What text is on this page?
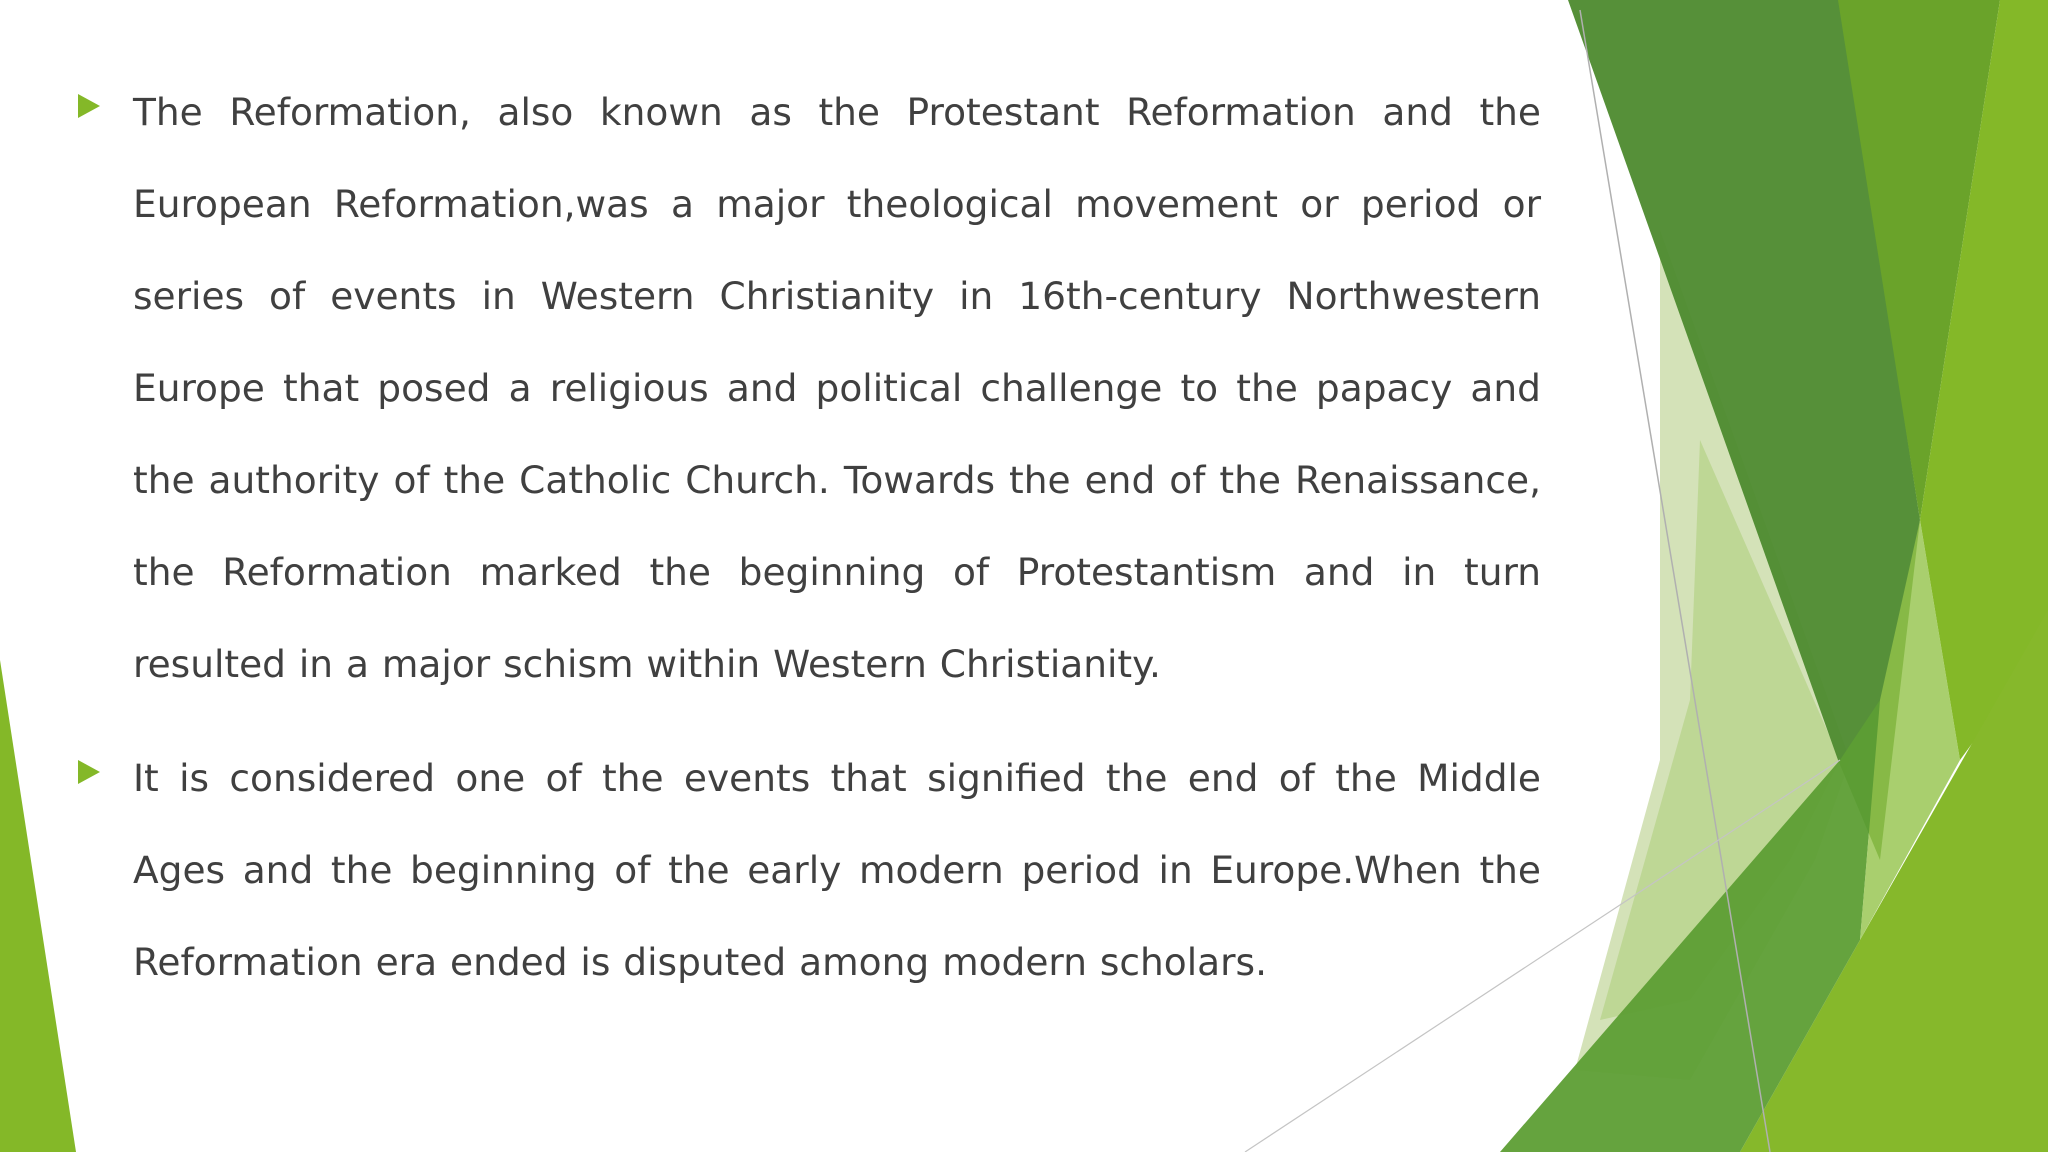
The Reformation, also known as the Protestant Reformation and the European Reformation,was a major theological movement or period or series of events in Western Christianity in 16th-century Northwestern Europe that posed a religious and political challenge to the papacy and the authority of the Catholic Church. Towards the end of the Renaissance, the Reformation marked the beginning of Protestantism and in turn resulted in a major schism within Western Christianity.
It is considered one of the events that signified the end of the Middle Ages and the beginning of the early modern period in Europe.When the Reformation era ended is disputed among modern scholars.
